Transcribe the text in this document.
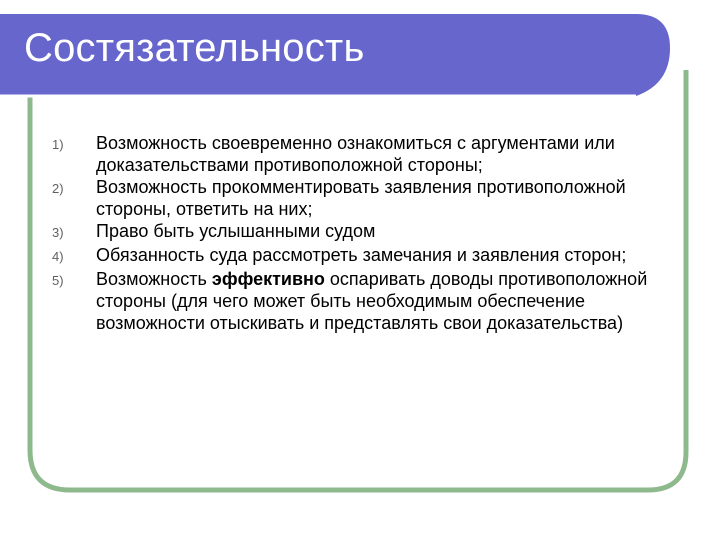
Состязательность
1)	Возможность своевременно ознакомиться с аргументами или доказательствами противоположной стороны;
2)	Возможность прокомментировать заявления противоположной стороны, ответить на них;
3)	Право быть услышанными судом
4)	Обязанность суда рассмотреть замечания и заявления сторон;
5)	Возможность эффективно оспаривать доводы противоположной стороны (для чего может быть необходимым обеспечение возможности отыскивать и представлять свои доказательства)
